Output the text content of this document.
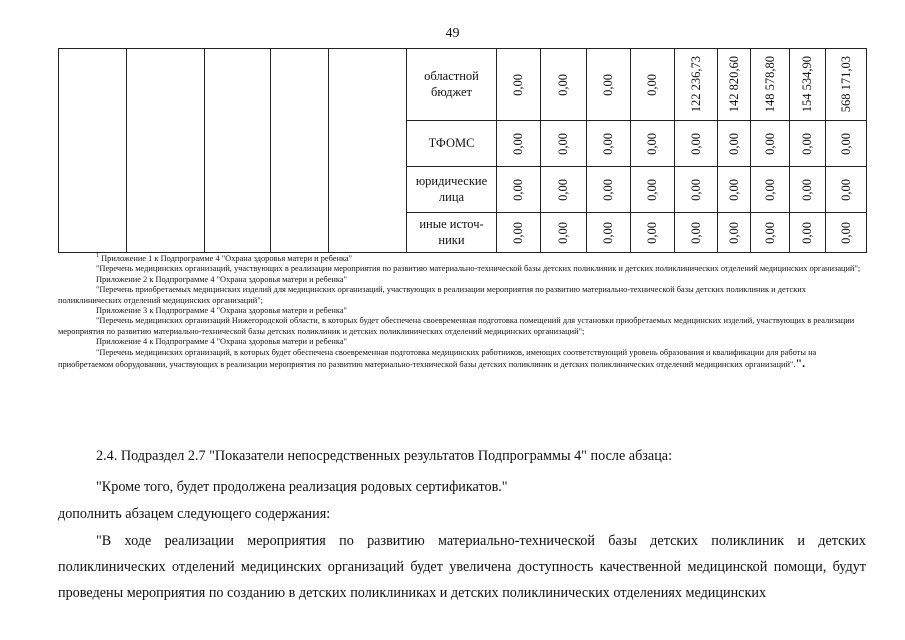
49
					областной бюджет	0,00	0,00	0,00	0,00	122 236,73	142 820,60	148 578,80	154 534,90	568 171,03

					ТФОМС	0,00	0,00	0,00	0,00	0,00	0,00	0,00	0,00	0,00

					юридические лица	0,00	0,00	0,00	0,00	0,00	0,00	0,00	0,00	0,00

					иные источ-ники	0,00	0,00	0,00	0,00	0,00	0,00	0,00	0,00	0,00

$^1$ Приложение 1 к Подпрограмме 4 "Охрана здоровья матери и ребенка"

"Перечень медицинских организаций, участвующих в реализации мероприятия по развитию материально-технической базы детских поликлиник и детских поликлинических отделений медицинских организаций";

Приложение 2 к Подпрограмме 4 "Охрана здоровья матери и ребенка"

"Перечень приобретаемых медицинских изделий для медицинских организаций, участвующих в реализации мероприятия по развитию материально-технической базы детских поликлиник и детских поликлинических отделений медицинских организаций";

Приложение 3 к Подпрограмме 4 "Охрана здоровья матери и ребенка"

"Перечень медицинских организаций Нижегородской области, в которых будет обеспечена своевременная подготовка помещений для установки приобретаемых медицинских изделий, участвующих в реализации мероприятия по развитию материально-технической базы детских поликлиник и детских поликлинических отделений медицинских организаций";

Приложение 4 к Подпрограмме 4 "Охрана здоровья матери и ребенка"

"Перечень медицинских организаций, в которых будет обеспечена своевременная подготовка медицинских работников, имеющих соответствующий уровень образования и квалификации для работы на приобретаемом оборудовании, участвующих в реализации мероприятия по развитию материально-технической базы детских поликлиник и детских поликлинических отделений медицинских организаций".".

2.4. Подраздел 2.7 "Показатели непосредственных результатов Подпрограммы 4" после абзаца:

"Кроме того, будет продолжена реализация родовых сертификатов."

дополнить абзацем следующего содержания:

"В ходе реализации мероприятия по развитию материально-технической базы детских поликлиник и детских поликлинических отделений медицинских организаций будет увеличена доступность качественной медицинской помощи, будут проведены мероприятия по созданию в детских поликлиниках и детских поликлинических отделениях медицинских
